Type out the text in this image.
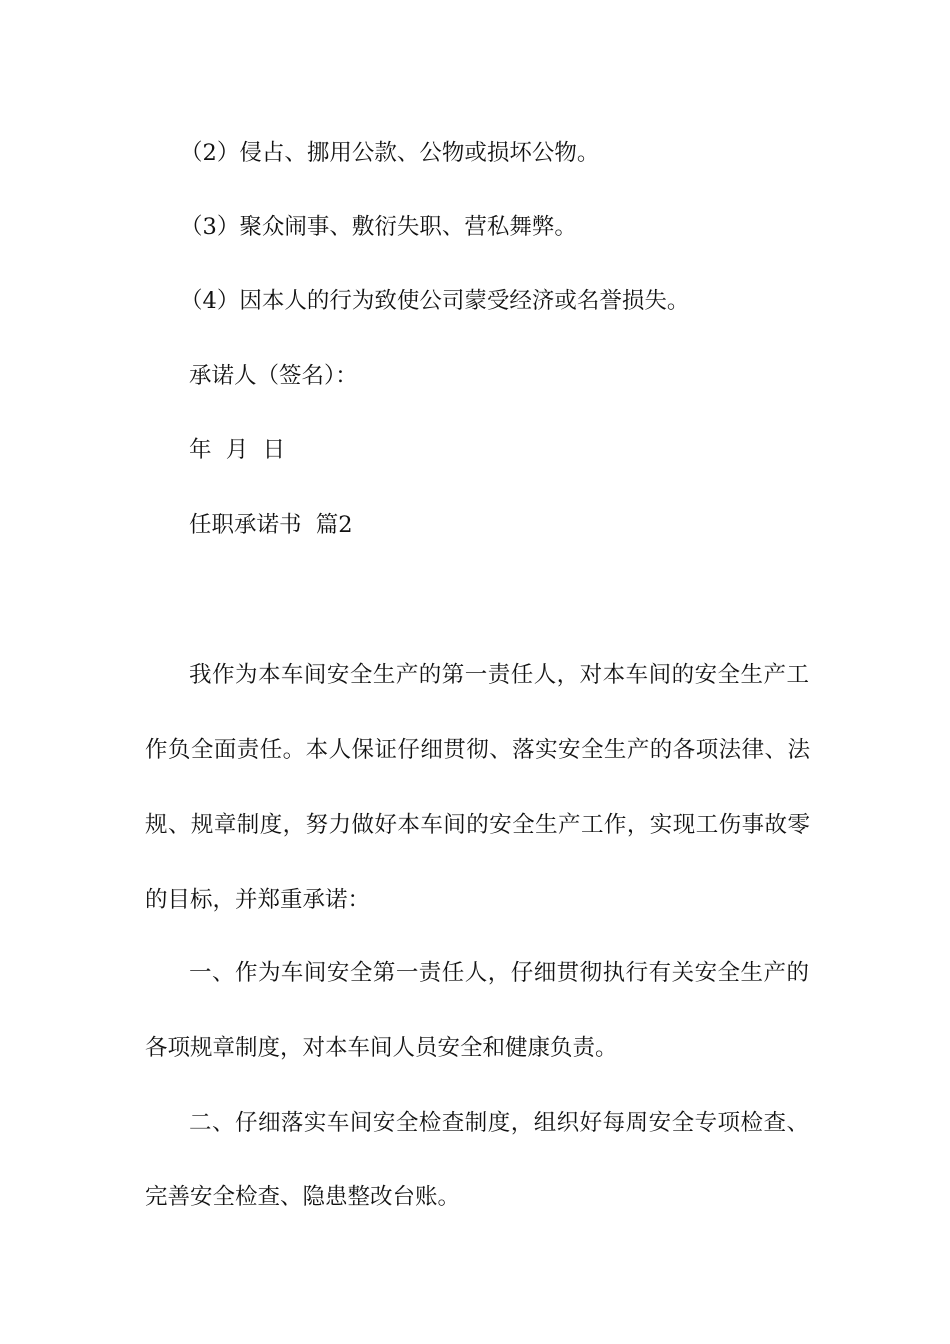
（2）侵占、挪用公款、公物或损坏公物。
（3）聚众闹事、敷衍失职、营私舞弊。
（4）因本人的行为致使公司蒙受经济或名誉损失。
承诺人（签名）：
年  月  日
任职承诺书  篇2
我作为本车间安全生产的第一责任人，对本车间的安全生产工
作负全面责任。本人保证仔细贯彻、落实安全生产的各项法律、法
规、规章制度，努力做好本车间的安全生产工作，实现工伤事故零
的目标，并郑重承诺：
一、作为车间安全第一责任人，仔细贯彻执行有关安全生产的
各项规章制度，对本车间人员安全和健康负责。
二、仔细落实车间安全检查制度，组织好每周安全专项检查、
完善安全检查、隐患整改台账。
